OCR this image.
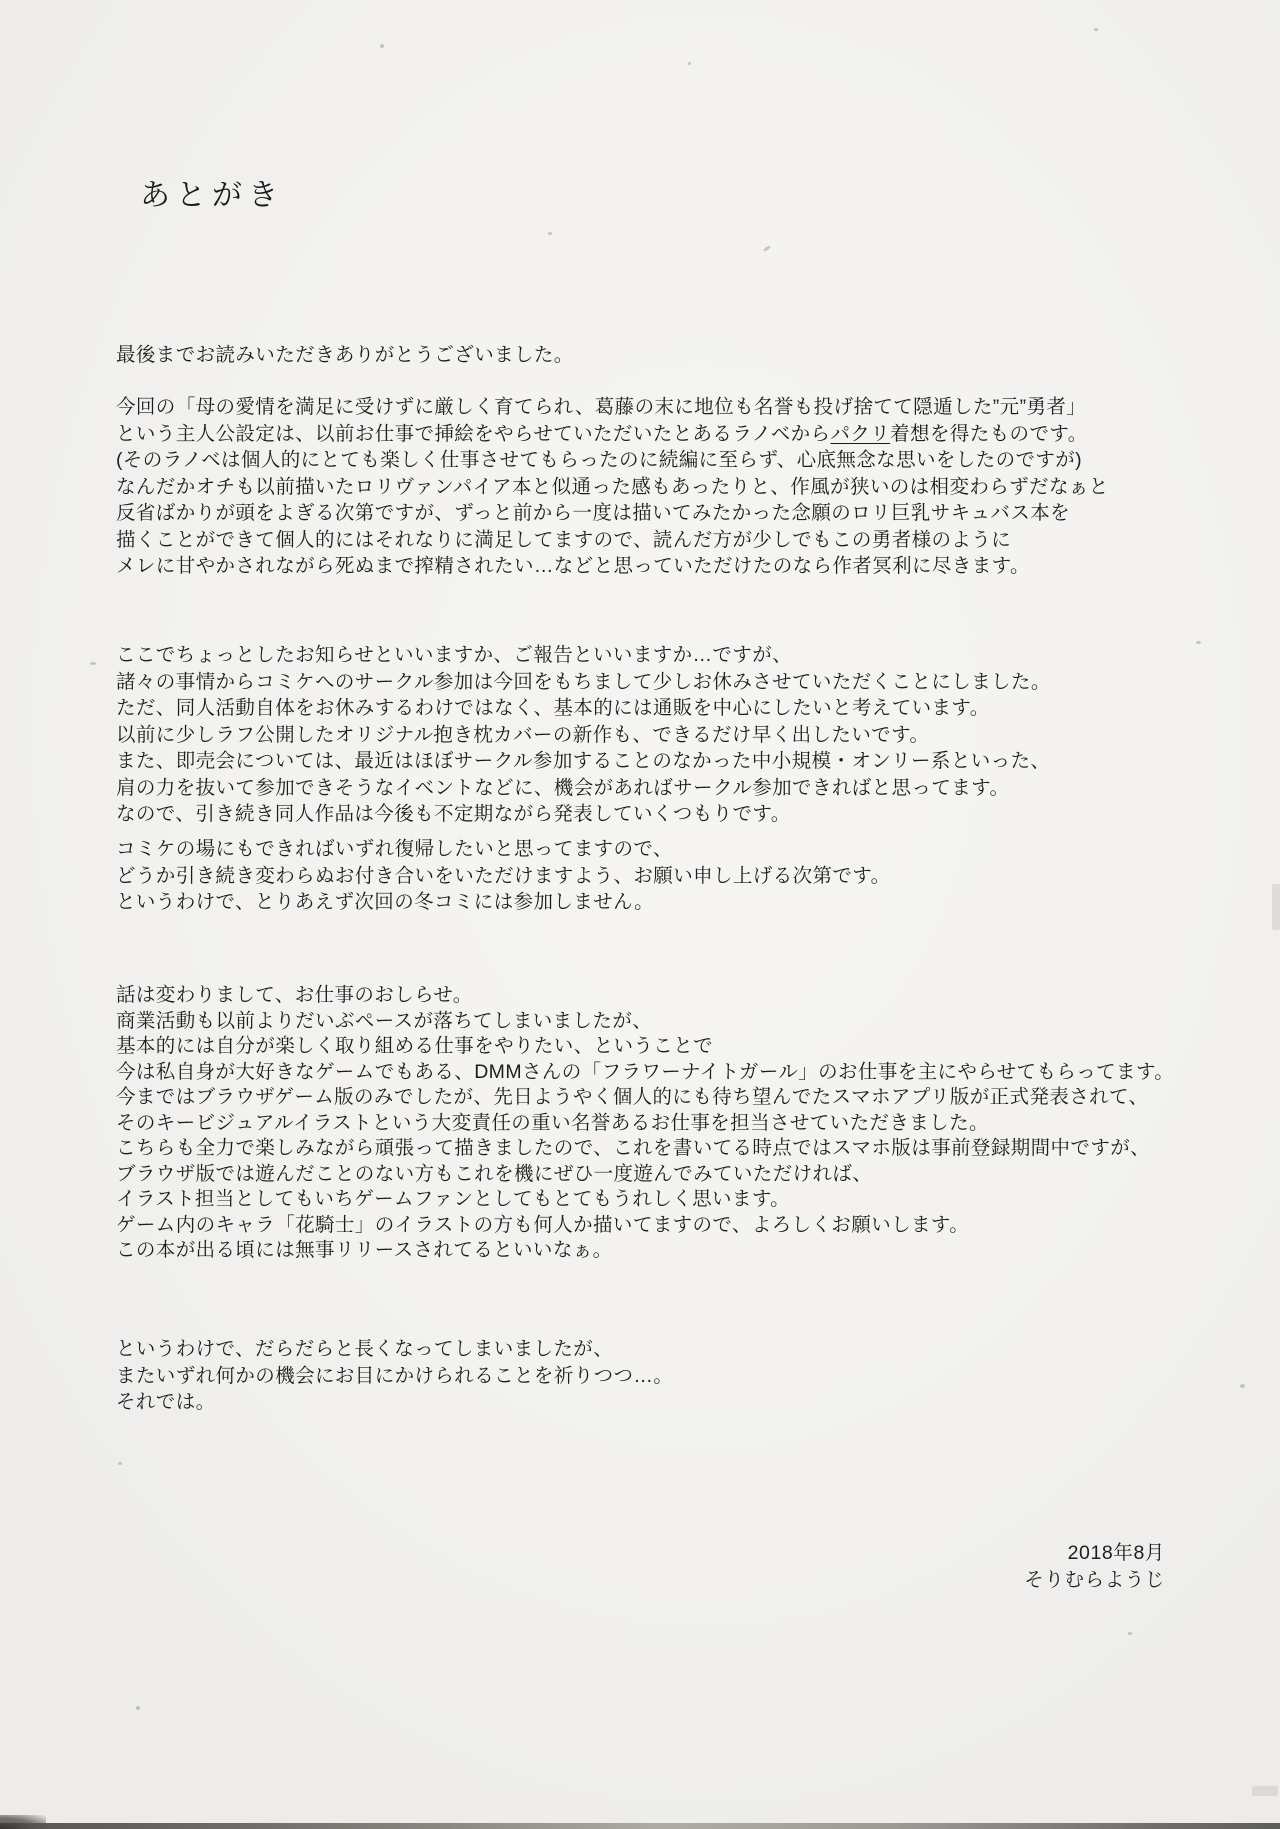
あとがき
最後までお読みいただきありがとうございました。
今回の「母の愛情を満足に受けずに厳しく育てられ、葛藤の末に地位も名誉も投げ捨てて隠遁した”元”勇者」
という主人公設定は、以前お仕事で挿絵をやらせていただいたとあるラノベからパクリ着想を得たものです。
(そのラノベは個人的にとても楽しく仕事させてもらったのに続編に至らず、心底無念な思いをしたのですが)
なんだかオチも以前描いたロリヴァンパイア本と似通った感もあったりと、作風が狭いのは相変わらずだなぁと
反省ばかりが頭をよぎる次第ですが、ずっと前から一度は描いてみたかった念願のロリ巨乳サキュバス本を
描くことができて個人的にはそれなりに満足してますので、読んだ方が少しでもこの勇者様のように
メレに甘やかされながら死ぬまで搾精されたい…などと思っていただけたのなら作者冥利に尽きます。
ここでちょっとしたお知らせといいますか、ご報告といいますか…ですが、
諸々の事情からコミケへのサークル参加は今回をもちまして少しお休みさせていただくことにしました。
ただ、同人活動自体をお休みするわけではなく、基本的には通販を中心にしたいと考えています。
以前に少しラフ公開したオリジナル抱き枕カバーの新作も、できるだけ早く出したいです。
また、即売会については、最近はほぼサークル参加することのなかった中小規模・オンリー系といった、
肩の力を抜いて参加できそうなイベントなどに、機会があればサークル参加できればと思ってます。
なので、引き続き同人作品は今後も不定期ながら発表していくつもりです。
コミケの場にもできればいずれ復帰したいと思ってますので、
どうか引き続き変わらぬお付き合いをいただけますよう、お願い申し上げる次第です。
というわけで、とりあえず次回の冬コミには参加しません。
話は変わりまして、お仕事のおしらせ。
商業活動も以前よりだいぶペースが落ちてしまいましたが、
基本的には自分が楽しく取り組める仕事をやりたい、ということで
今は私自身が大好きなゲームでもある、DMMさんの「フラワーナイトガール」のお仕事を主にやらせてもらってます。
今まではブラウザゲーム版のみでしたが、先日ようやく個人的にも待ち望んでたスマホアプリ版が正式発表されて、
そのキービジュアルイラストという大変責任の重い名誉あるお仕事を担当させていただきました。
こちらも全力で楽しみながら頑張って描きましたので、これを書いてる時点ではスマホ版は事前登録期間中ですが、
ブラウザ版では遊んだことのない方もこれを機にぜひ一度遊んでみていただければ、
イラスト担当としてもいちゲームファンとしてもとてもうれしく思います。
ゲーム内のキャラ「花騎士」のイラストの方も何人か描いてますので、よろしくお願いします。
この本が出る頃には無事リリースされてるといいなぁ。
というわけで、だらだらと長くなってしまいましたが、
またいずれ何かの機会にお目にかけられることを祈りつつ…。
それでは。
2018年8月
そりむらようじ
